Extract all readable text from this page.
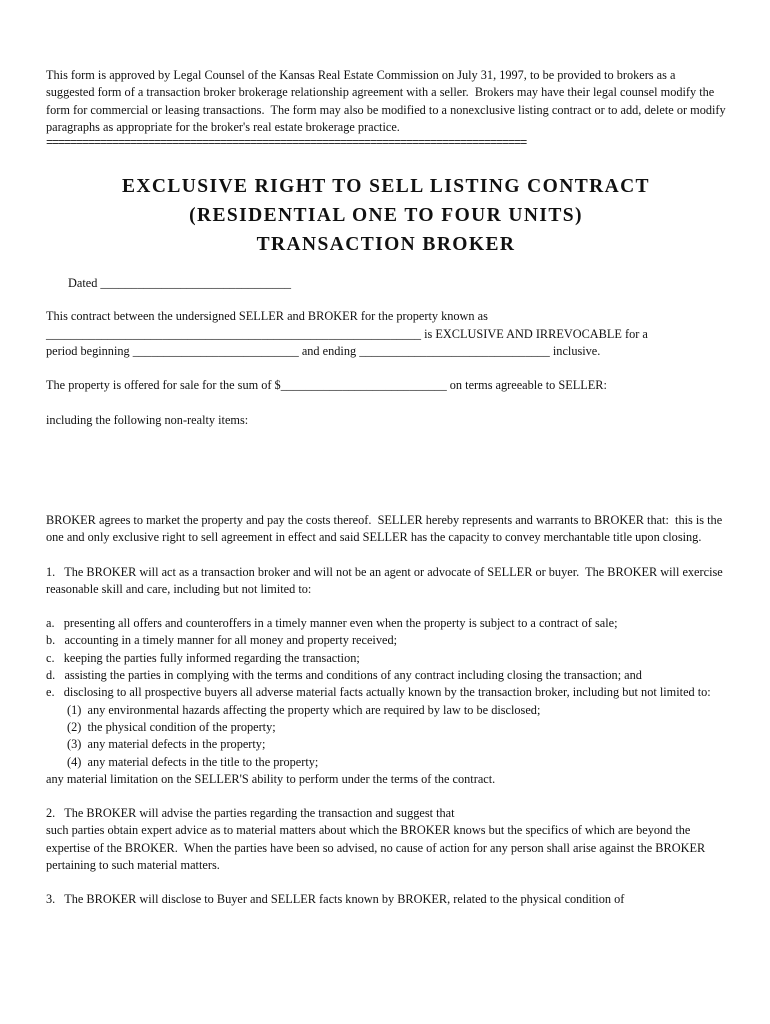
This form is approved by Legal Counsel of the Kansas Real Estate Commission on July 31, 1997, to be provided to brokers as a suggested form of a transaction broker brokerage relationship agreement with a seller.  Brokers may have their legal counsel modify the form for commercial or leasing transactions.  The form may also be modified to a nonexclusive listing contract or to add, delete or modify paragraphs as appropriate for the broker's real estate brokerage practice.

================================================================================

EXCLUSIVE RIGHT TO SELL LISTING CONTRACT

(RESIDENTIAL ONE TO FOUR UNITS)

TRANSACTION BROKER

Dated _______________________________

This contract between the undersigned SELLER and BROKER for the property known as

_____________________________________________________________ is EXCLUSIVE AND IRREVOCABLE for a

period beginning ___________________________ and ending _______________________________ inclusive.

The property is offered for sale for the sum of $___________________________ on terms agreeable to SELLER:

including the following non-realty items:

BROKER agrees to market the property and pay the costs thereof.  SELLER hereby represents and warrants to BROKER that:  this is the one and only exclusive right to sell agreement in effect and said SELLER has the capacity to convey merchantable title upon closing.

1.   The BROKER will act as a transaction broker and will not be an agent or advocate of SELLER or buyer.  The BROKER will exercise reasonable skill and care, including but not limited to:

a.   presenting all offers and counteroffers in a timely manner even when the property is subject to a contract of sale;

b.   accounting in a timely manner for all money and property received;

c.   keeping the parties fully informed regarding the transaction;

d.   assisting the parties in complying with the terms and conditions of any contract including closing the transaction; and

e.   disclosing to all prospective buyers all adverse material facts actually known by the transaction broker, including but not limited to:

(1)  any environmental hazards affecting the property which are required by law to be disclosed;

(2)  the physical condition of the property;

(3)  any material defects in the property;

(4)  any material defects in the title to the property;

any material limitation on the SELLER'S ability to perform under the terms of the contract.

2.   The BROKER will advise the parties regarding the transaction and suggest that

such parties obtain expert advice as to material matters about which the BROKER knows but the specifics of which are beyond the expertise of the BROKER.  When the parties have been so advised, no cause of action for any person shall arise against the BROKER pertaining to such material matters.

3.   The BROKER will disclose to Buyer and SELLER facts known by BROKER, related to the physical condition of
